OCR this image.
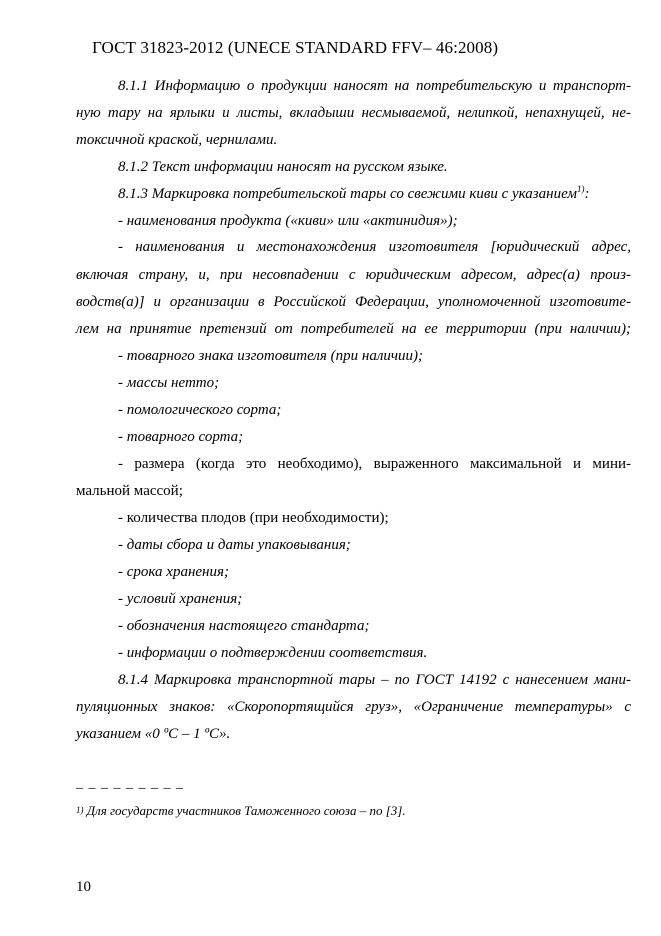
ГОСТ 31823-2012 (UNECE STANDARD FFV– 46:2008)
8.1.1 Информацию о продукции наносят на потребительскую и транспорт-
ную тару на ярлыки и листы, вкладыши несмываемой, нелипкой, непахнущей, не-
токсичной краской, чернилами.
8.1.2 Текст информации наносят на русском языке.
8.1.3 Маркировка потребительской тары со свежими киви с указанием$^{1)}$:
- наименования продукта («киви» или «актинидия»);
- наименования и местонахождения изготовителя [юридический адрес,
включая страну, и, при несовпадении с юридическим адресом, адрес(а) произ-
водств(а)] и организации в Российской Федерации, уполномоченной изготовите-
лем на принятие претензий от потребителей на ее территории (при наличии);
- товарного знака изготовителя (при наличии);
- массы нетто;
- помологического сорта;
- товарного сорта;
- размера (когда это необходимо), выраженного максимальной и мини-
мальной массой;
- количества плодов (при необходимости);
- даты сбора и даты упаковывания;
- срока хранения;
- условий хранения;
- обозначения настоящего стандарта;
- информации о подтверждении соответствия.
8.1.4 Маркировка транспортной тары – по ГОСТ 14192 с нанесением мани-
пуляционных знаков: «Скоропортящийся груз», «Ограничение температуры» с
указанием «0 ºС – 1 ºС».
_ _ _ _ _ _ _ _ _
$^{1)}$ Для государств участников Таможенного союза – по [3].
10
